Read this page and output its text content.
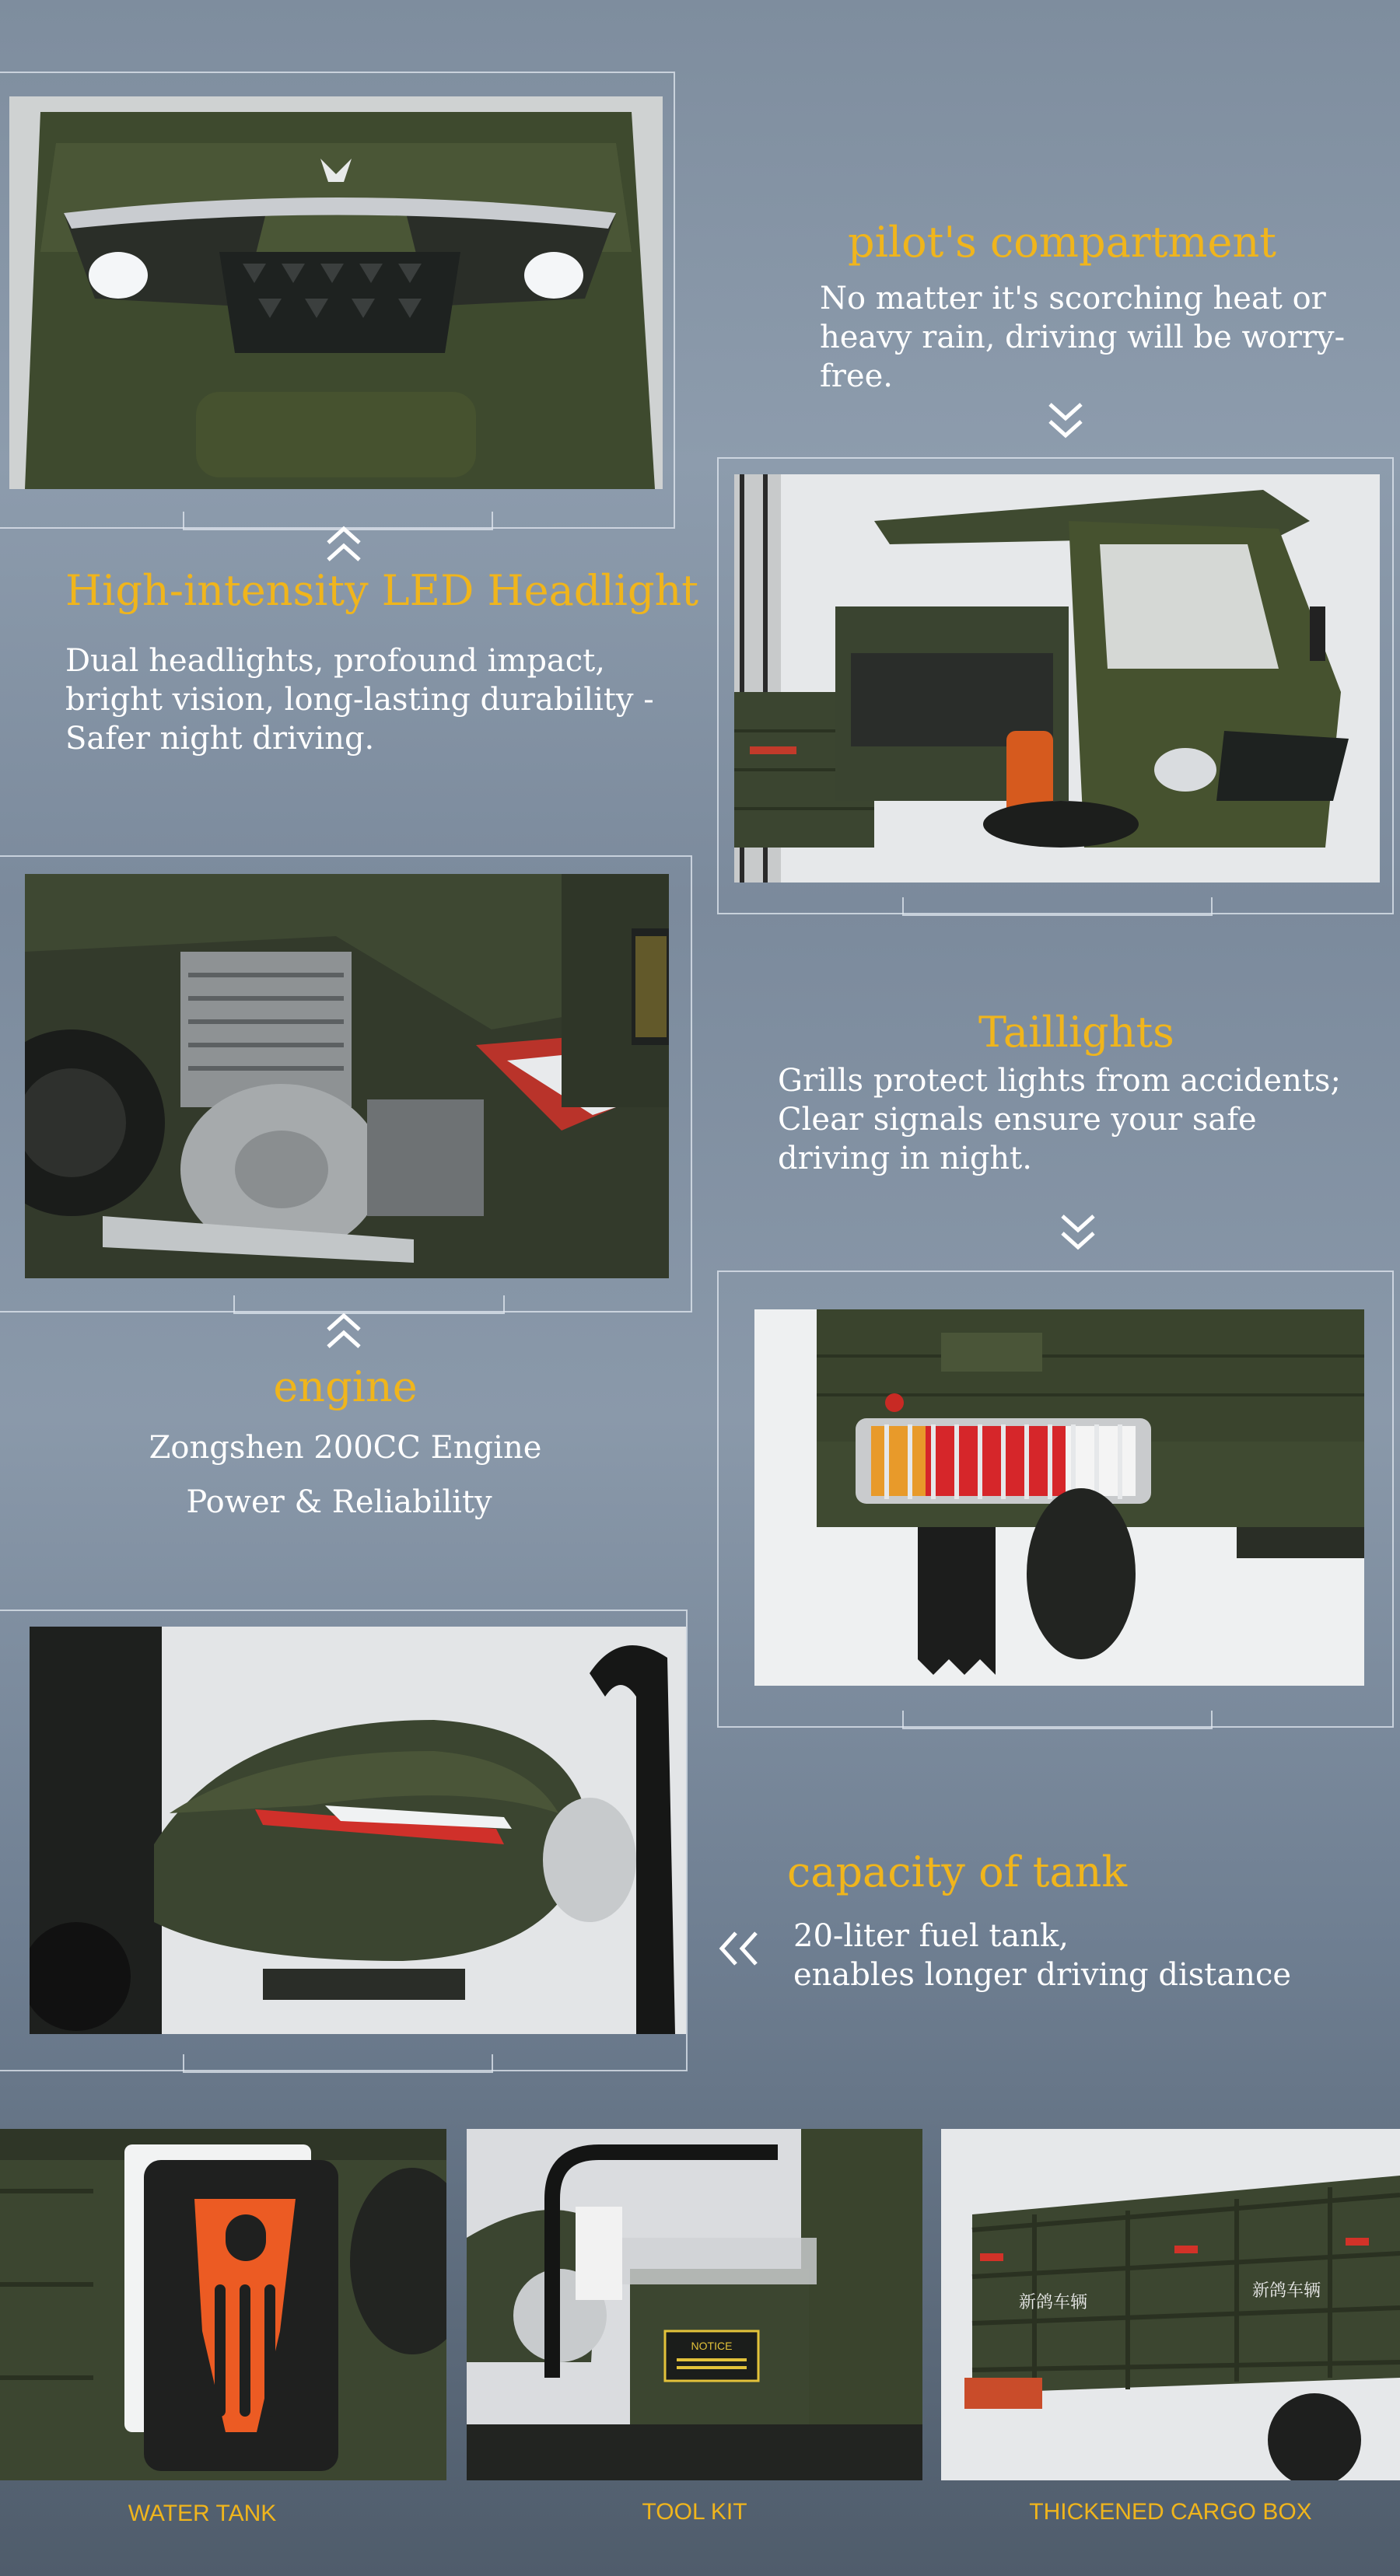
High-intensity LED Headlight

Dual headlights, profound impact,

bright vision, long-lasting durability -

Safer night driving.

pilot's compartment

No matter it's scorching heat or

heavy rain, driving will be worry-

free.

engine

Zongshen 200CC Engine

Power & Reliability

Taillights

Grills protect lights from accidents;

Clear signals ensure your safe

driving in night.

capacity of tank

20-liter fuel tank,

enables longer driving distance

NOTICE
新鸽车辆
新鸽车辆
WATER TANK	TOOL KIT	THICKENED CARGO BOX
